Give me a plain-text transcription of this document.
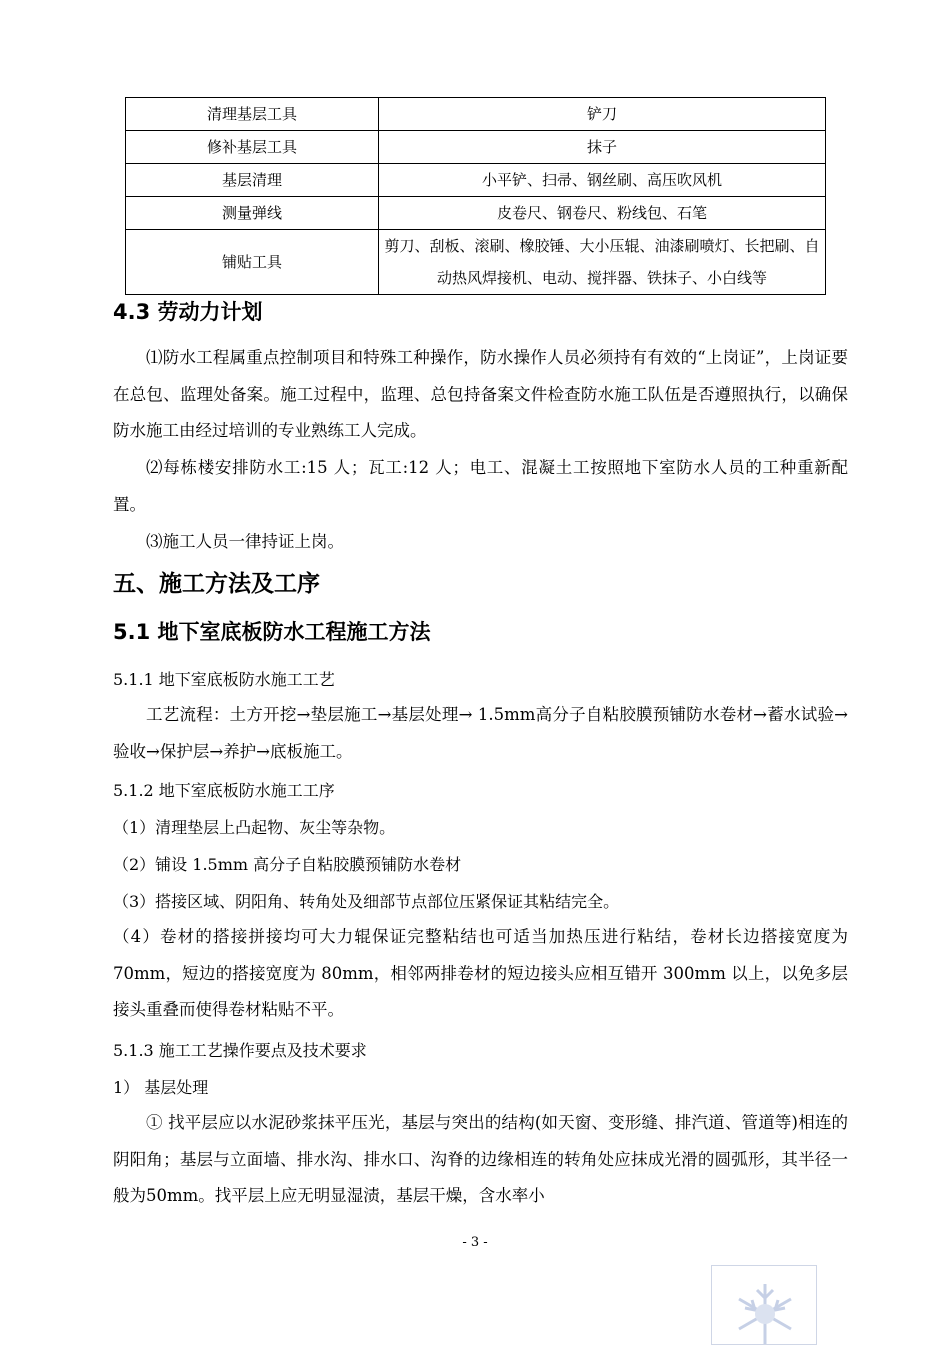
清理基层工具	铲刀
修补基层工具	抹子
基层清理	小平铲、扫帚、钢丝刷、高压吹风机
测量弹线	皮卷尺、钢卷尺、粉线包、石笔
铺贴工具	剪刀、刮板、滚刷、橡胶锤、大小压辊、油漆刷喷灯、长把刷、自动热风焊接机、电动、搅拌器、铁抹子、小白线等
4.3 劳动力计划

⑴防水工程属重点控制项目和特殊工种操作，防水操作人员必须持有有效的“上岗证”，上岗证要在总包、监理处备案。施工过程中，监理、总包持备案文件检查防水施工队伍是否遵照执行，以确保防水施工由经过培训的专业熟练工人完成。

⑵每栋楼安排防水工:15 人；瓦工:12 人；电工、混凝土工按照地下室防水人员的工种重新配置。

⑶施工人员一律持证上岗。

五、施工方法及工序
5.1 地下室底板防水工程施工方法

5.1.1 地下室底板防水施工工艺

工艺流程：土方开挖→垫层施工→基层处理→ 1.5mm高分子自粘胶膜预铺防水卷材→蓄水试验→验收→保护层→养护→底板施工。

5.1.2 地下室底板防水施工工序

（1）清理垫层上凸起物、灰尘等杂物。

（2）铺设 1.5mm 高分子自粘胶膜预铺防水卷材

（3）搭接区域、阴阳角、转角处及细部节点部位压紧保证其粘结完全。

（4）卷材的搭接拼接均可大力辊保证完整粘结也可适当加热压进行粘结，卷材长边搭接宽度为 70mm，短边的搭接宽度为 80mm，相邻两排卷材的短边接头应相互错开 300mm 以上，以免多层接头重叠而使得卷材粘贴不平。

5.1.3 施工工艺操作要点及技术要求

1） 基层处理

① 找平层应以水泥砂浆抹平压光，基层与突出的结构(如天窗、变形缝、排汽道、管道等)相连的阴阳角；基层与立面墙、排水沟、排水口、沟脊的边缘相连的转角处应抹成光滑的圆弧形，其半径一般为50mm。找平层上应无明显湿渍，基层干燥，含水率小

- 3 -
